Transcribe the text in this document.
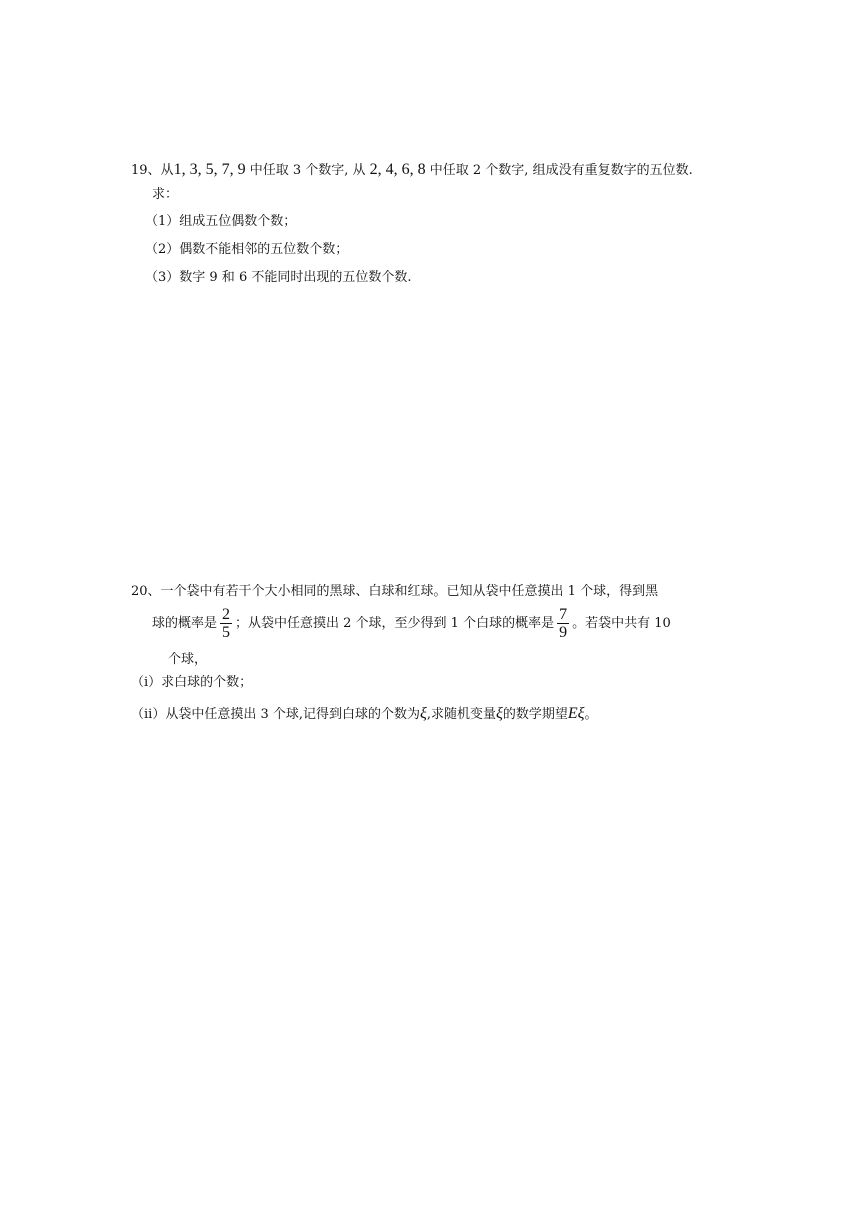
19、从1, 3, 5, 7, 9 中任取 3 个数字, 从 2, 4, 6, 8 中任取 2 个数字, 组成没有重复数字的五位数.
求：
（1）组成五位偶数个数；
（2）偶数不能相邻的五位数个数；
（3）数字 9 和 6 不能同时出现的五位数个数.
20、一个袋中有若干个大小相同的黑球、白球和红球。已知从袋中任意摸出 1 个球，得到黑
球的概率是 $\frac{2}{5}$ ；从袋中任意摸出 2 个球，至少得到 1 个白球的概率是 $\frac{7}{9}$ 。若袋中共有 10
个球，
（i）求白球的个数；
（ii）从袋中任意摸出 3 个球,记得到白球的个数为ξ,求随机变量ξ的数学期望Eξ。
